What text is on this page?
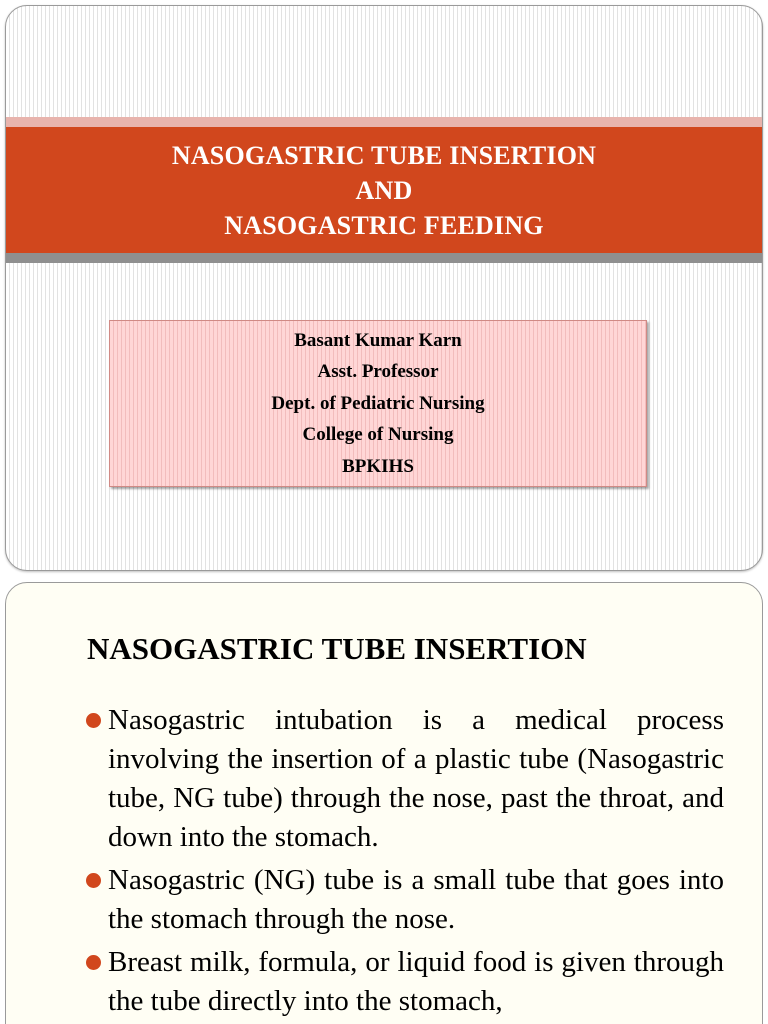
NASOGASTRIC TUBE INSERTION
AND
NASOGASTRIC FEEDING
Basant Kumar Karn
Asst. Professor
Dept. of Pediatric Nursing
College of Nursing
BPKIHS
NASOGASTRIC TUBE INSERTION
Nasogastric intubation is a medical process involving the insertion of a plastic tube (Nasogastric tube, NG tube) through the nose, past the throat, and down into the stomach.
Nasogastric (NG) tube is a small tube that goes into the stomach through the nose.
Breast milk, formula, or liquid food is given through the tube directly into the stomach,
